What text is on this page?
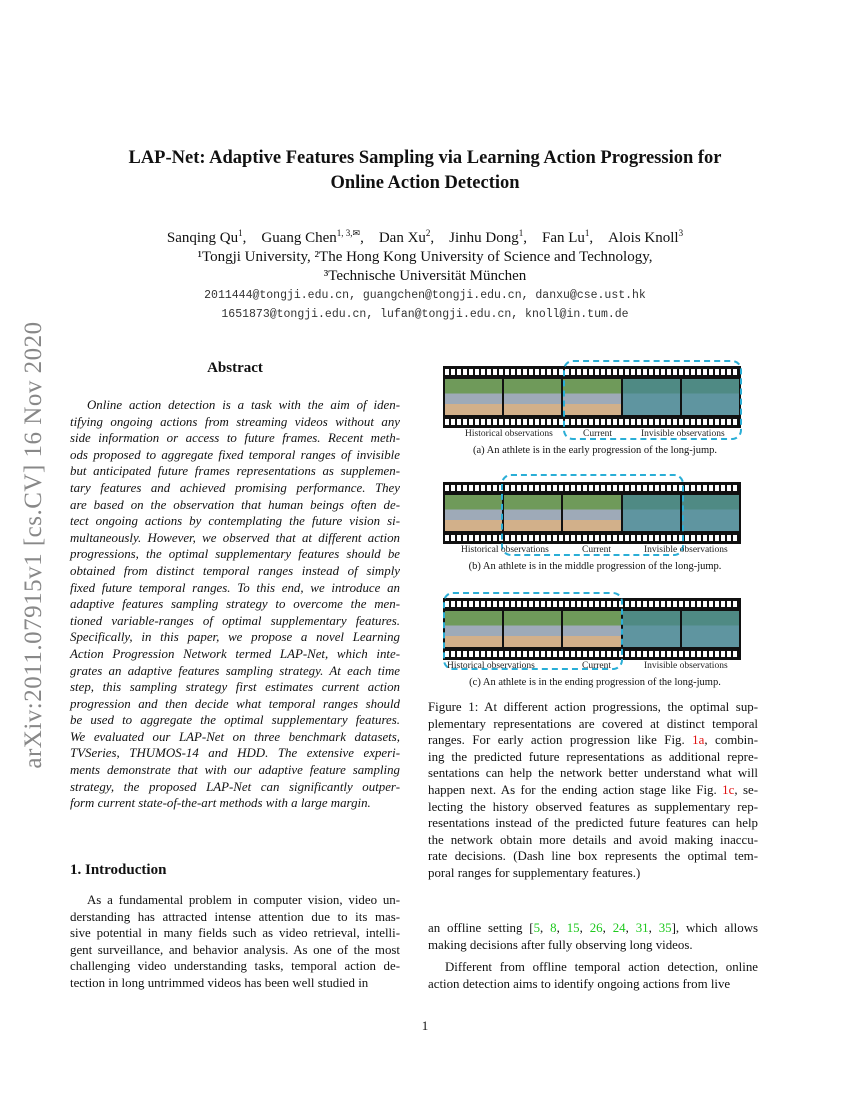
arXiv:2011.07915v1 [cs.CV] 16 Nov 2020
LAP-Net: Adaptive Features Sampling via Learning Action Progression for
Online Action Detection
Sanqing Qu$^1$, Guang Chen$^{1, 3,✉}$, Dan Xu$^2$, Jinhu Dong$^1$, Fan Lu$^1$, Alois Knoll$^3$
¹Tongji University, ²The Hong Kong University of Science and Technology,
³Technische Universität München
2011444@tongji.edu.cn, guangchen@tongji.edu.cn, danxu@cse.ust.hk
1651873@tongji.edu.cn, lufan@tongji.edu.cn, knoll@in.tum.de
Abstract
Online action detection is a task with the aim of iden-
tifying ongoing actions from streaming videos without any
side information or access to future frames. Recent meth-
ods proposed to aggregate fixed temporal ranges of invisible
but anticipated future frames representations as supplemen-
tary features and achieved promising performance. They
are based on the observation that human beings often de-
tect ongoing actions by contemplating the future vision si-
multaneously. However, we observed that at different action
progressions, the optimal supplementary features should be
obtained from distinct temporal ranges instead of simply
fixed future temporal ranges. To this end, we introduce an
adaptive features sampling strategy to overcome the men-
tioned variable-ranges of optimal supplementary features.
Specifically, in this paper, we propose a novel Learning
Action Progression Network termed LAP-Net, which inte-
grates an adaptive features sampling strategy. At each time
step, this sampling strategy first estimates current action
progression and then decide what temporal ranges should
be used to aggregate the optimal supplementary features.
We evaluated our LAP-Net on three benchmark datasets,
TVSeries, THUMOS-14 and HDD. The extensive experi-
ments demonstrate that with our adaptive feature sampling
strategy, the proposed LAP-Net can significantly outper-
form current state-of-the-art methods with a large margin.
1. Introduction
As a fundamental problem in computer vision, video un-
derstanding has attracted intense attention due to its mas-
sive potential in many fields such as video retrieval, intelli-
gent surveillance, and behavior analysis. As one of the most
challenging video understanding tasks, temporal action de-
tection in long untrimmed videos has been well studied in
Historical observations	Current	Invisible observations
(a) An athlete is in the early progression of the long-jump.
Historical observations	Current	Invisible observations
(b) An athlete is in the middle progression of the long-jump.
Historical observations	Current	Invisible observations
(c) An athlete is in the ending progression of the long-jump.
Figure 1: At different action progressions, the optimal sup-
plementary representations are covered at distinct temporal
ranges. For early action progression like Fig. 1a, combin-
ing the predicted future representations as additional repre-
sentations can help the network better understand what will
happen next. As for the ending action stage like Fig. 1c, se-
lecting the history observed features as supplementary rep-
resentations instead of the predicted future features can help
the network obtain more details and avoid making inaccu-
rate decisions. (Dash line box represents the optimal tem-
poral ranges for supplementary features.)
an offline setting [5, 8, 15, 26, 24, 31, 35], which allows
making decisions after fully observing long videos.
Different from offline temporal action detection, online
action detection aims to identify ongoing actions from live
1
